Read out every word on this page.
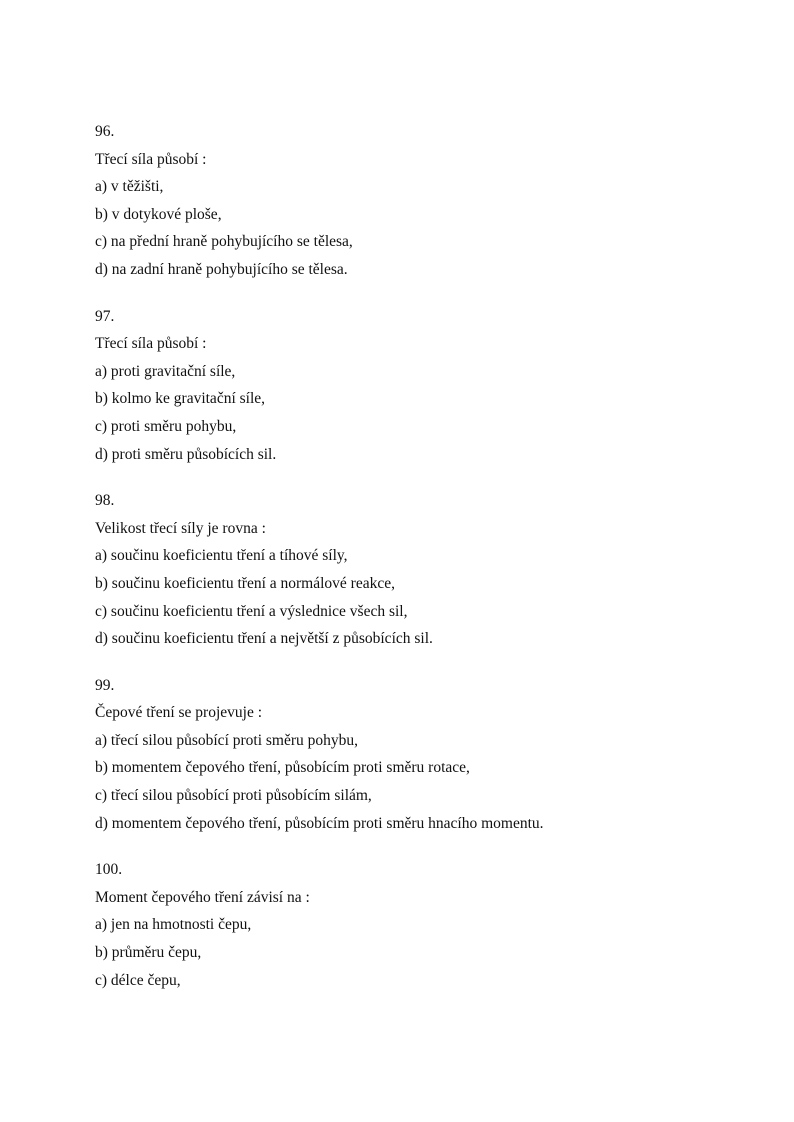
96.
Třecí síla působí :
a) v těžišti,
b) v dotykové ploše,
c) na přední hraně pohybujícího se tělesa,
d) na zadní hraně pohybujícího se tělesa.
97.
Třecí síla působí :
a) proti gravitační síle,
b) kolmo ke gravitační síle,
c) proti směru pohybu,
d) proti směru působících sil.
98.
Velikost třecí síly je rovna :
a) součinu koeficientu tření a tíhové síly,
b) součinu koeficientu tření a normálové reakce,
c) součinu koeficientu tření a výslednice všech sil,
d) součinu koeficientu tření a největší z působících sil.
99.
Čepové tření se projevuje :
a) třecí silou působící proti směru pohybu,
b) momentem čepového tření, působícím proti směru rotace,
c) třecí silou působící proti působícím silám,
d) momentem čepového tření, působícím proti směru hnacího momentu.
100.
Moment čepového tření závisí na :
a) jen na hmotnosti čepu,
b) průměru čepu,
c) délce čepu,
